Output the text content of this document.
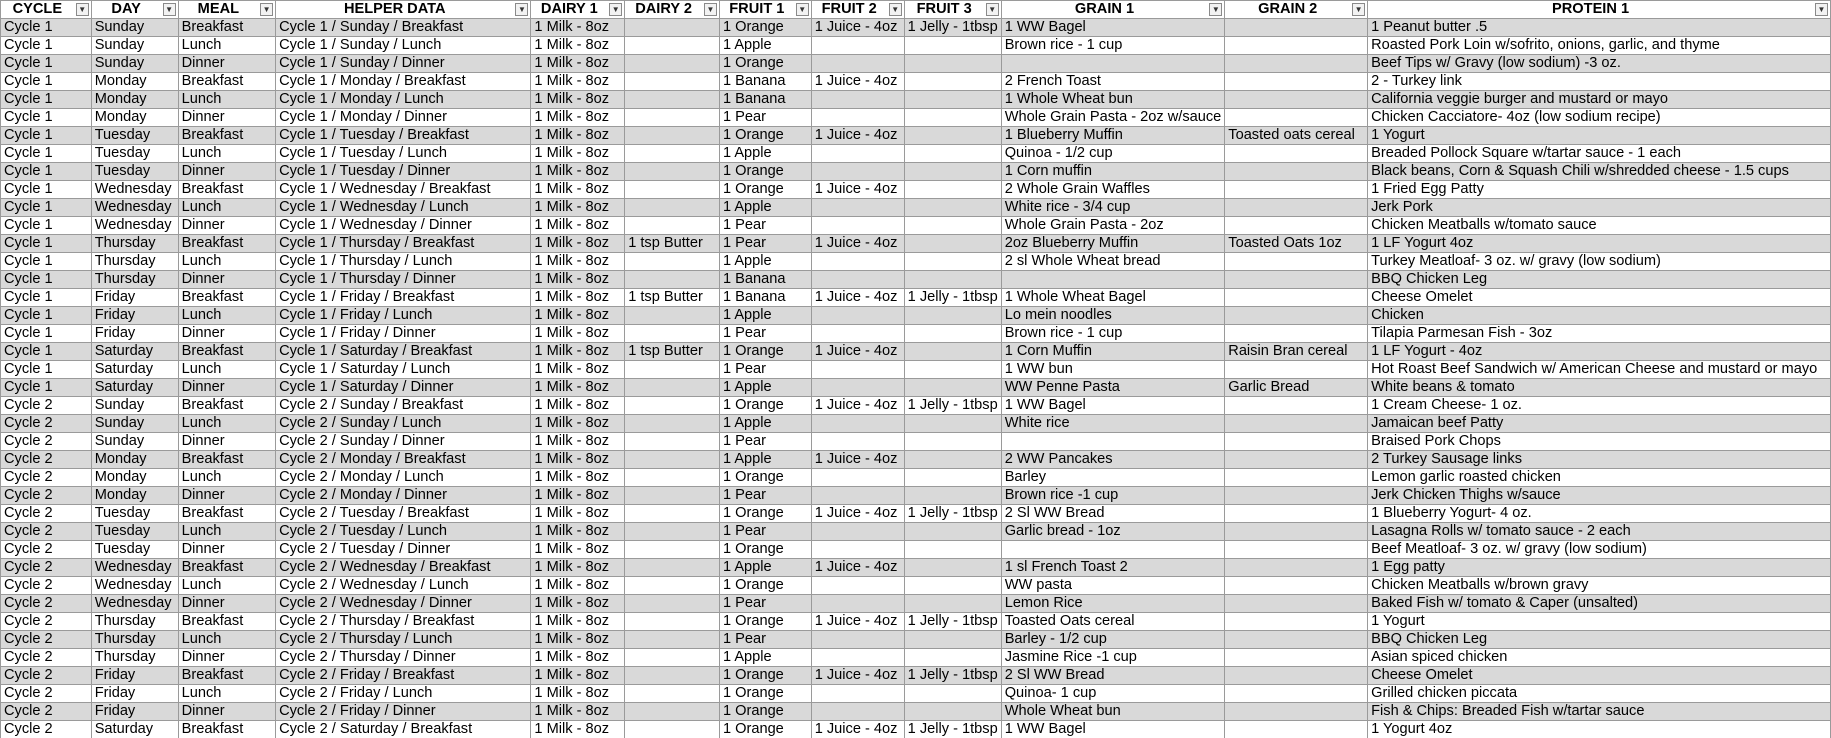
CYCLE ▼	DAY ▼	MEAL ▼	HELPER DATA ▼	DAIRY 1 ▼	DAIRY 2 ▼	FRUIT 1 ▼	FRUIT 2 ▼	FRUIT 3 ▼	GRAIN 1 ▼	GRAIN 2 ▼	PROTEIN 1 ▼

Cycle 1	Sunday	Breakfast	Cycle 1 / Sunday / Breakfast	1 Milk - 8oz		1 Orange	1 Juice - 4oz	1 Jelly - 1tbsp	1 WW Bagel		1 Peanut butter .5
Cycle 1	Sunday	Lunch	Cycle 1 / Sunday / Lunch	1 Milk - 8oz		1 Apple			Brown rice - 1 cup		Roasted Pork Loin w/sofrito, onions, garlic, and thyme
Cycle 1	Sunday	Dinner	Cycle 1 / Sunday / Dinner	1 Milk - 8oz		1 Orange					Beef Tips w/ Gravy (low sodium) -3 oz.
Cycle 1	Monday	Breakfast	Cycle 1 / Monday / Breakfast	1 Milk - 8oz		1 Banana	1 Juice - 4oz		2 French Toast		2 - Turkey link
Cycle 1	Monday	Lunch	Cycle 1 / Monday / Lunch	1 Milk - 8oz		1 Banana			1 Whole Wheat bun		California veggie burger and mustard or mayo
Cycle 1	Monday	Dinner	Cycle 1 / Monday / Dinner	1 Milk - 8oz		1 Pear			Whole Grain Pasta - 2oz w/sauce		Chicken Cacciatore- 4oz (low sodium recipe)
Cycle 1	Tuesday	Breakfast	Cycle 1 / Tuesday / Breakfast	1 Milk - 8oz		1 Orange	1 Juice - 4oz		1 Blueberry Muffin	Toasted oats cereal	1 Yogurt
Cycle 1	Tuesday	Lunch	Cycle 1 / Tuesday / Lunch	1 Milk - 8oz		1 Apple			Quinoa - 1/2 cup		Breaded Pollock Square w/tartar sauce - 1 each
Cycle 1	Tuesday	Dinner	Cycle 1 / Tuesday / Dinner	1 Milk - 8oz		1 Orange			1 Corn muffin		Black beans, Corn & Squash Chili w/shredded cheese - 1.5 cups
Cycle 1	Wednesday	Breakfast	Cycle 1 / Wednesday / Breakfast	1 Milk - 8oz		1 Orange	1 Juice - 4oz		2 Whole Grain Waffles		1 Fried Egg Patty
Cycle 1	Wednesday	Lunch	Cycle 1 / Wednesday / Lunch	1 Milk - 8oz		1 Apple			White rice - 3/4 cup		Jerk Pork
Cycle 1	Wednesday	Dinner	Cycle 1 / Wednesday / Dinner	1 Milk - 8oz		1 Pear			Whole Grain Pasta - 2oz		Chicken Meatballs w/tomato sauce
Cycle 1	Thursday	Breakfast	Cycle 1 / Thursday / Breakfast	1 Milk - 8oz	1 tsp Butter	1 Pear	1 Juice - 4oz		2oz Blueberry Muffin	Toasted Oats 1oz	1 LF Yogurt 4oz
Cycle 1	Thursday	Lunch	Cycle 1 / Thursday / Lunch	1 Milk - 8oz		1 Apple			2 sl Whole Wheat bread		Turkey Meatloaf- 3 oz. w/ gravy (low sodium)
Cycle 1	Thursday	Dinner	Cycle 1 / Thursday / Dinner	1 Milk - 8oz		1 Banana					BBQ Chicken Leg
Cycle 1	Friday	Breakfast	Cycle 1 / Friday / Breakfast	1 Milk - 8oz	1 tsp Butter	1 Banana	1 Juice - 4oz	1 Jelly - 1tbsp	1 Whole Wheat Bagel		Cheese Omelet
Cycle 1	Friday	Lunch	Cycle 1 / Friday / Lunch	1 Milk - 8oz		1 Apple			Lo mein noodles		Chicken
Cycle 1	Friday	Dinner	Cycle 1 / Friday / Dinner	1 Milk - 8oz		1 Pear			Brown rice - 1 cup		Tilapia Parmesan Fish - 3oz
Cycle 1	Saturday	Breakfast	Cycle 1 / Saturday / Breakfast	1 Milk - 8oz	1 tsp Butter	1 Orange	1 Juice - 4oz		1 Corn Muffin	Raisin Bran cereal	1 LF Yogurt - 4oz
Cycle 1	Saturday	Lunch	Cycle 1 / Saturday / Lunch	1 Milk - 8oz		1 Pear			1 WW bun		Hot Roast Beef Sandwich w/ American Cheese and mustard or mayo
Cycle 1	Saturday	Dinner	Cycle 1 / Saturday / Dinner	1 Milk - 8oz		1 Apple			WW Penne Pasta	Garlic Bread	White beans & tomato
Cycle 2	Sunday	Breakfast	Cycle 2 / Sunday / Breakfast	1 Milk - 8oz		1 Orange	1 Juice - 4oz	1 Jelly - 1tbsp	1 WW Bagel		1 Cream Cheese- 1 oz.
Cycle 2	Sunday	Lunch	Cycle 2 / Sunday / Lunch	1 Milk - 8oz		1 Apple			White rice		Jamaican beef Patty
Cycle 2	Sunday	Dinner	Cycle 2 / Sunday / Dinner	1 Milk - 8oz		1 Pear					Braised Pork Chops
Cycle 2	Monday	Breakfast	Cycle 2 / Monday / Breakfast	1 Milk - 8oz		1 Apple	1 Juice - 4oz		2 WW Pancakes		2 Turkey Sausage links
Cycle 2	Monday	Lunch	Cycle 2 / Monday / Lunch	1 Milk - 8oz		1 Orange			Barley		Lemon garlic roasted chicken
Cycle 2	Monday	Dinner	Cycle 2 / Monday / Dinner	1 Milk - 8oz		1 Pear			Brown rice -1 cup		Jerk Chicken Thighs w/sauce
Cycle 2	Tuesday	Breakfast	Cycle 2 / Tuesday / Breakfast	1 Milk - 8oz		1 Orange	1 Juice - 4oz	1 Jelly - 1tbsp	2 Sl WW Bread		1 Blueberry Yogurt- 4 oz.
Cycle 2	Tuesday	Lunch	Cycle 2 / Tuesday / Lunch	1 Milk - 8oz		1 Pear			Garlic bread - 1oz		Lasagna Rolls w/ tomato sauce - 2 each
Cycle 2	Tuesday	Dinner	Cycle 2 / Tuesday / Dinner	1 Milk - 8oz		1 Orange					Beef Meatloaf- 3 oz. w/ gravy (low sodium)
Cycle 2	Wednesday	Breakfast	Cycle 2 / Wednesday / Breakfast	1 Milk - 8oz		1 Apple	1 Juice - 4oz		1 sl French Toast 2		1 Egg patty
Cycle 2	Wednesday	Lunch	Cycle 2 / Wednesday / Lunch	1 Milk - 8oz		1 Orange			WW pasta		Chicken Meatballs w/brown gravy
Cycle 2	Wednesday	Dinner	Cycle 2 / Wednesday / Dinner	1 Milk - 8oz		1 Pear			Lemon Rice		Baked Fish w/ tomato & Caper (unsalted)
Cycle 2	Thursday	Breakfast	Cycle 2 / Thursday / Breakfast	1 Milk - 8oz		1 Orange	1 Juice - 4oz	1 Jelly - 1tbsp	Toasted Oats cereal		1 Yogurt
Cycle 2	Thursday	Lunch	Cycle 2 / Thursday / Lunch	1 Milk - 8oz		1 Pear			Barley - 1/2 cup		BBQ Chicken Leg
Cycle 2	Thursday	Dinner	Cycle 2 / Thursday / Dinner	1 Milk - 8oz		1 Apple			Jasmine Rice -1 cup		Asian spiced chicken
Cycle 2	Friday	Breakfast	Cycle 2 / Friday / Breakfast	1 Milk - 8oz		1 Orange	1 Juice - 4oz	1 Jelly - 1tbsp	2 Sl WW Bread		Cheese Omelet
Cycle 2	Friday	Lunch	Cycle 2 / Friday / Lunch	1 Milk - 8oz		1 Orange			Quinoa- 1 cup		Grilled chicken piccata
Cycle 2	Friday	Dinner	Cycle 2 / Friday / Dinner	1 Milk - 8oz		1 Orange			Whole Wheat bun		Fish & Chips: Breaded Fish w/tartar sauce
Cycle 2	Saturday	Breakfast	Cycle 2 / Saturday / Breakfast	1 Milk - 8oz		1 Orange	1 Juice - 4oz	1 Jelly - 1tbsp	1 WW Bagel		1 Yogurt 4oz
